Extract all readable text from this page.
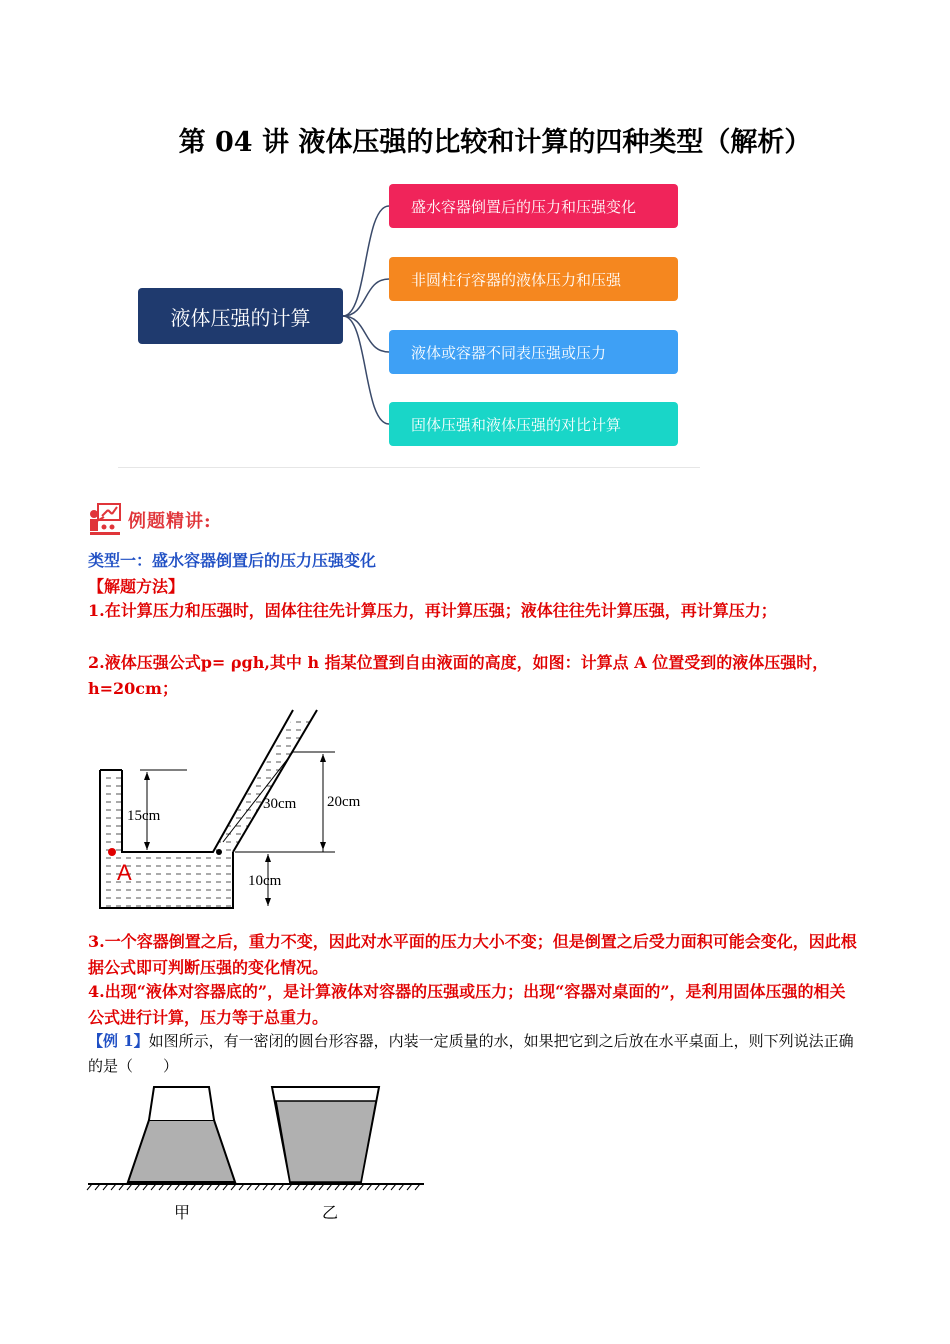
第 04 讲 液体压强的比较和计算的四种类型（解析）
液体压强的计算
盛水容器倒置后的压力和压强变化
非圆柱行容器的液体压力和压强
液体或容器不同表压强或压力
固体压强和液体压强的对比计算
例题精讲:
类型一：盛水容器倒置后的压力压强变化
【解题方法】
1.在计算压力和压强时，固体往往先计算压力，再计算压强；液体往往先计算压强，再计算压力；
2.液体压强公式p= ρgh,其中 h 指某位置到自由液面的高度，如图：计算点 A 位置受到的液体压强时，h=20cm；
15cm
30cm 20cm
10cm
A
3.一个容器倒置之后，重力不变，因此对水平面的压力大小不变；但是倒置之后受力面积可能会变化，因此根据公式即可判断压强的变化情况。
4.出现“液体对容器底的”，是计算液体对容器的压强或压力；出现“容器对桌面的”，是利用固体压强的相关公式进行计算，压力等于总重力。
【例 1】如图所示，有一密闭的圆台形容器，内装一定质量的水，如果把它到之后放在水平桌面上，则下列说法正确的是（　　）
甲	乙
